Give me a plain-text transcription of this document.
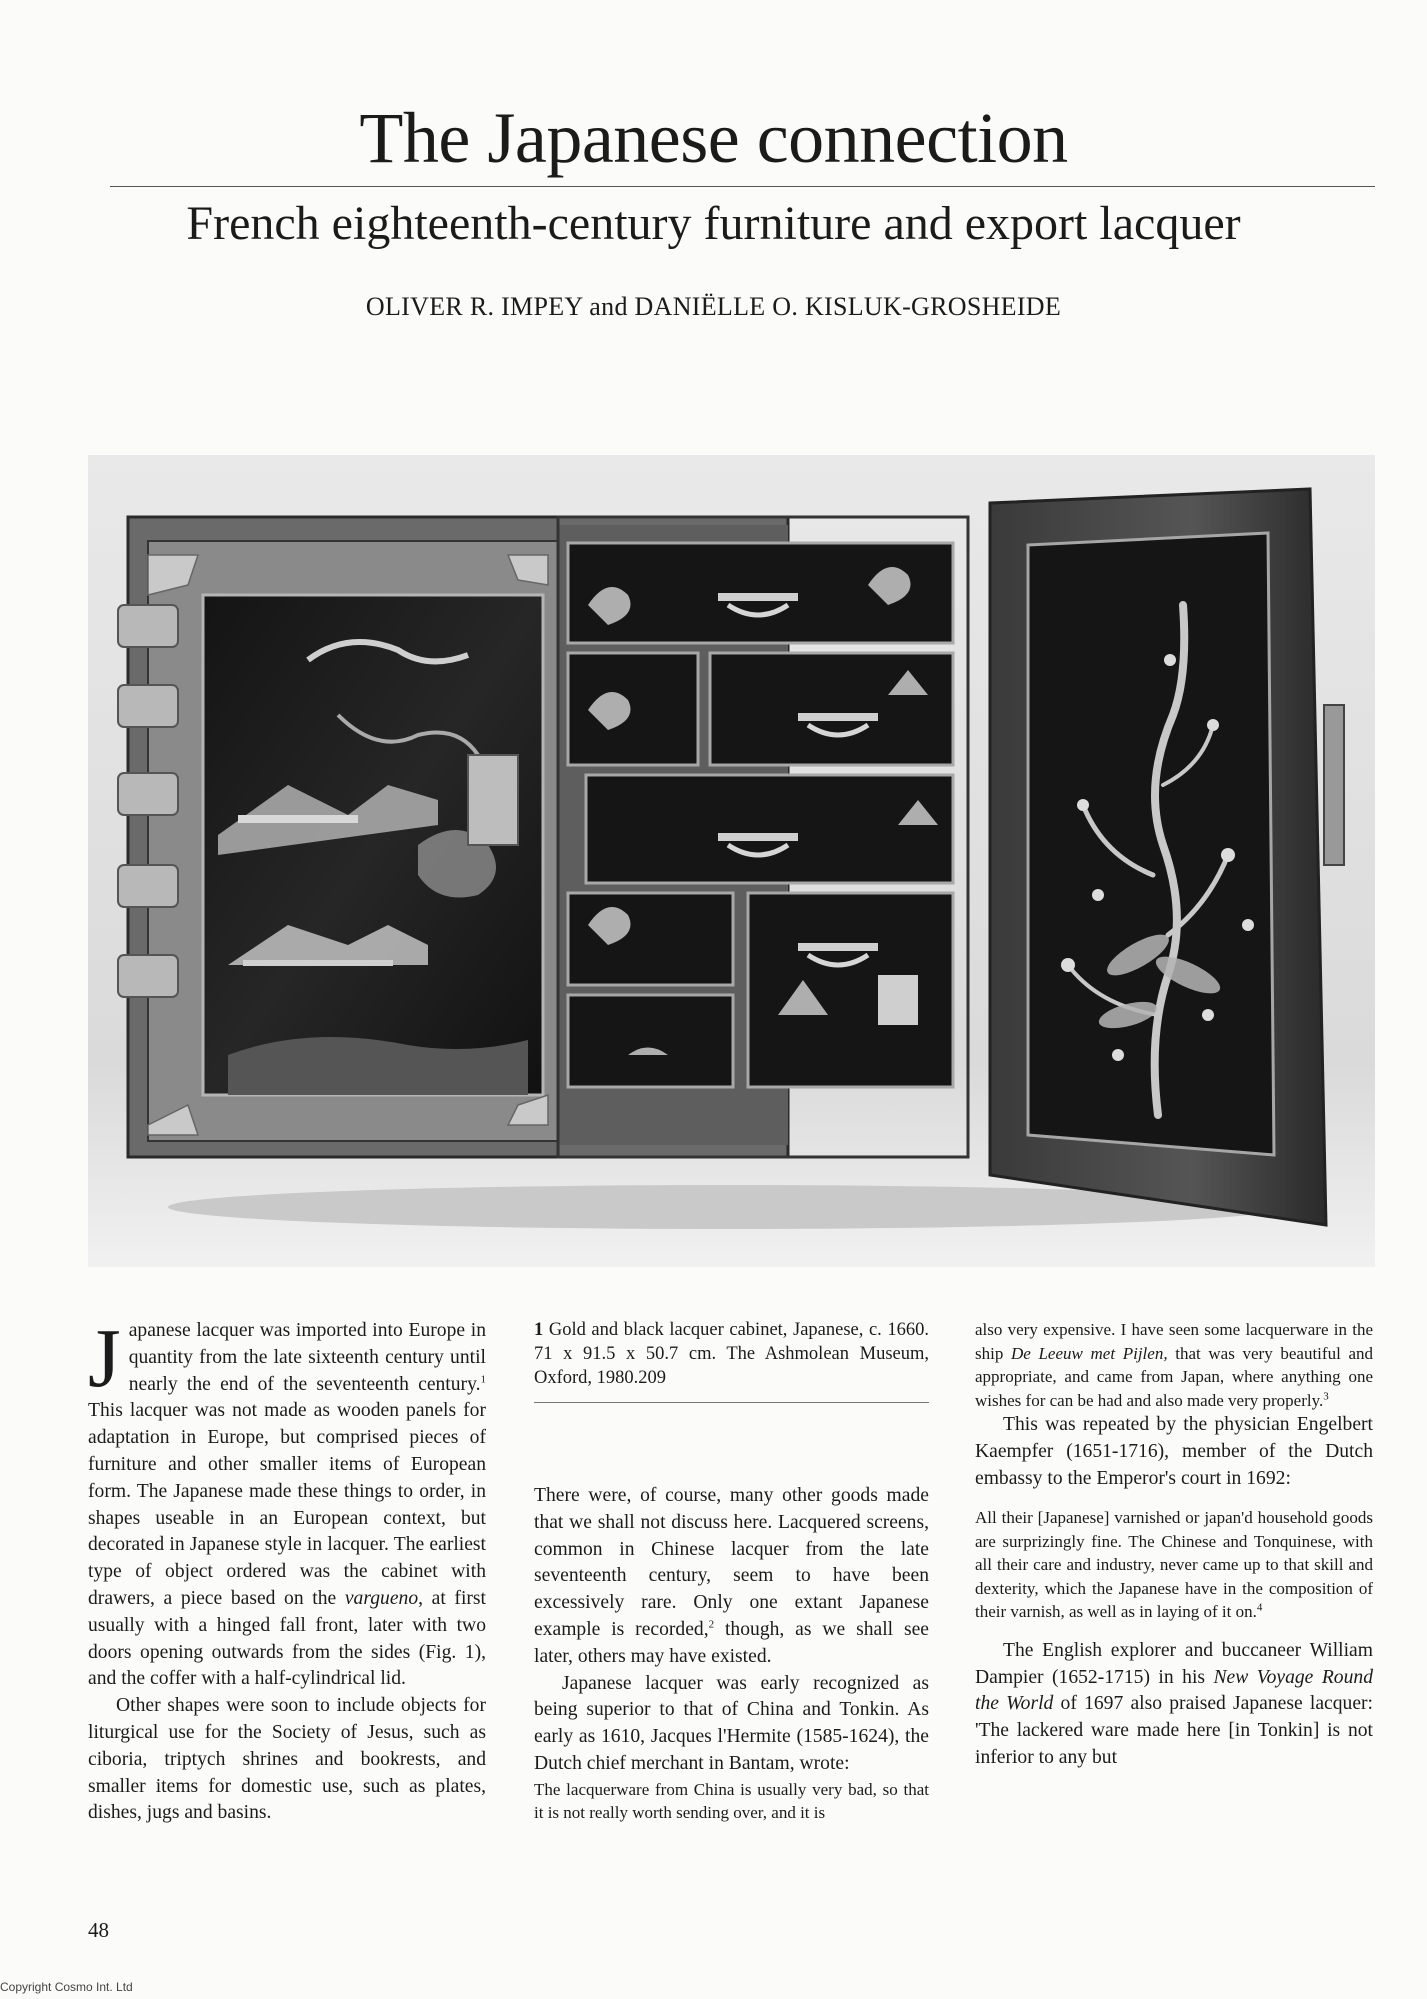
The Japanese connection
French eighteenth-century furniture and export lacquer
OLIVER R. IMPEY and DANIËLLE O. KISLUK-GROSHEIDE

Japanese lacquer was imported into Europe in quantity from the late sixteenth century until nearly the end of the seventeenth century.$^1$ This lacquer was not made as wooden panels for adaptation in Europe, but comprised pieces of furniture and other smaller items of European form. The Japanese made these things to order, in shapes useable in an European context, but decorated in Japanese style in lacquer. The earliest type of object ordered was the cabinet with drawers, a piece based on the vargueno, at first usually with a hinged fall front, later with two doors opening outwards from the sides (Fig. 1), and the coffer with a half-cylindrical lid.

Other shapes were soon to include objects for liturgical use for the Society of Jesus, such as ciboria, triptych shrines and bookrests, and smaller items for domestic use, such as plates, dishes, jugs and basins.

1 Gold and black lacquer cabinet, Japanese, c. 1660. 71 x 91.5 x 50.7 cm. The Ashmolean Museum, Oxford, 1980.209

There were, of course, many other goods made that we shall not discuss here. Lacquered screens, common in Chinese lacquer from the late seventeenth century, seem to have been excessively rare. Only one extant Japanese example is recorded,$^2$ though, as we shall see later, others may have existed.

Japanese lacquer was early recognized as being superior to that of China and Tonkin. As early as 1610, Jacques l'Hermite (1585-1624), the Dutch chief merchant in Bantam, wrote:

The lacquerware from China is usually very bad, so that it is not really worth sending over, and it is

also very expensive. I have seen some lacquerware in the ship De Leeuw met Pijlen, that was very beautiful and appropriate, and came from Japan, where anything one wishes for can be had and also made very properly.$^3$

This was repeated by the physician Engelbert Kaempfer (1651-1716), member of the Dutch embassy to the Emperor's court in 1692:

All their [Japanese] varnished or japan'd household goods are surprizingly fine. The Chinese and Tonquinese, with all their care and industry, never came up to that skill and dexterity, which the Japanese have in the composition of their varnish, as well as in laying of it on.$^4$

The English explorer and buccaneer William Dampier (1652-1715) in his New Voyage Round the World of 1697 also praised Japanese lacquer: 'The lackered ware made here [in Tonkin] is not inferior to any but

48
Copyright Cosmo Int. Ltd
